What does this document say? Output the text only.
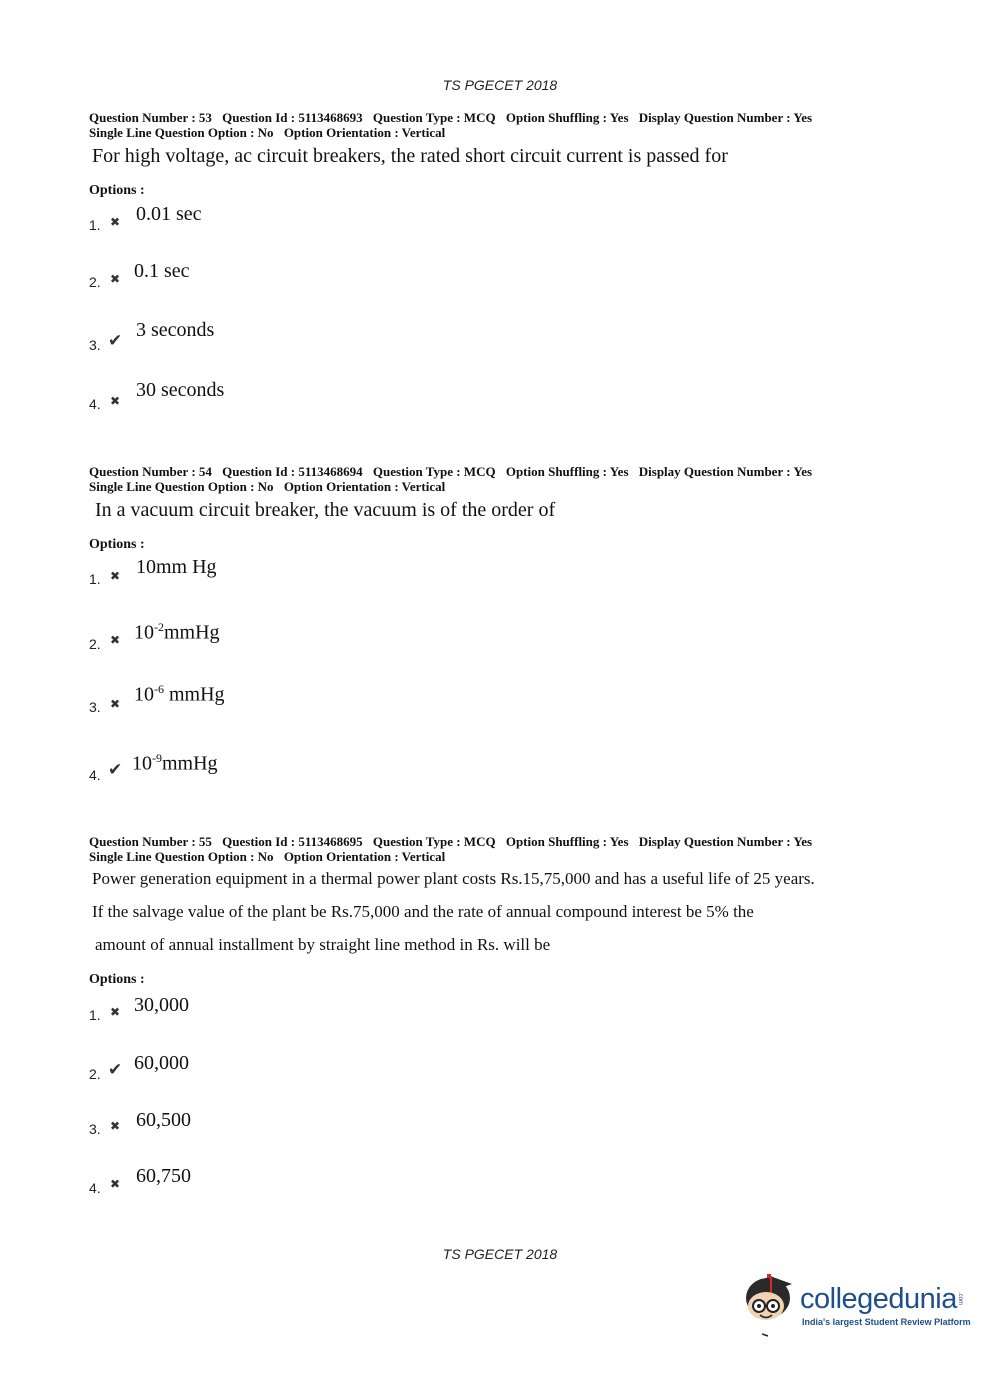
TS PGECET 2018
Question Number : 53 Question Id : 5113468693 Question Type : MCQ Option Shuffling : Yes Display Question Number : Yes
Single Line Question Option : No Option Orientation : Vertical
For high voltage, ac circuit breakers, the rated short circuit current is passed for
Options :
1. ✖ 0.01 sec
2. ✖ 0.1 sec
3. ✔ 3 seconds
4. ✖ 30 seconds
Question Number : 54 Question Id : 5113468694 Question Type : MCQ Option Shuffling : Yes Display Question Number : Yes
Single Line Question Option : No Option Orientation : Vertical
In a vacuum circuit breaker, the vacuum is of the order of
Options :
1. ✖ 10mm Hg
2. ✖ $10^{-2}mmHg$
3. ✖ $10^{-6}$ mmHg
4. ✔ $10^{-9}mmHg$
Question Number : 55 Question Id : 5113468695 Question Type : MCQ Option Shuffling : Yes Display Question Number : Yes
Single Line Question Option : No Option Orientation : Vertical
Power generation equipment in a thermal power plant costs Rs.15,75,000 and has a useful life of 25 years.
If the salvage value of the plant be Rs.75,000 and the rate of annual compound interest be 5% the
amount of annual installment by straight line method in Rs. will be
Options :
1. ✖ 30,000
2. ✔ 60,000
3. ✖ 60,500
4. ✖ 60,750
TS PGECET 2018
collegedunia .com
India's largest Student Review Platform
